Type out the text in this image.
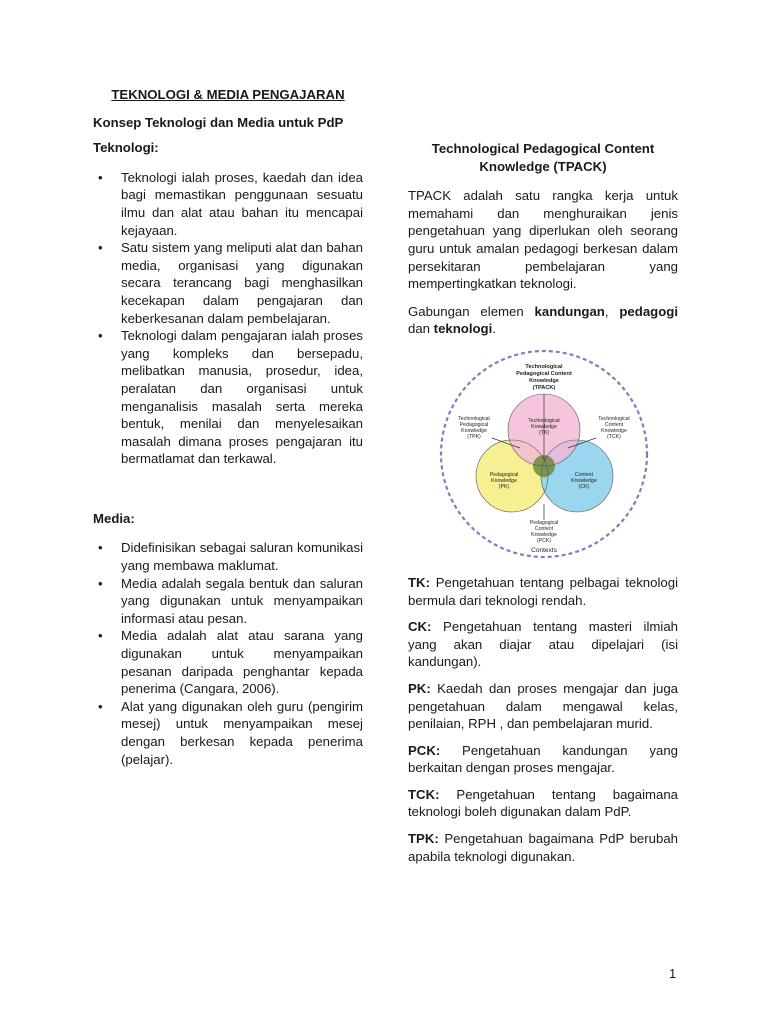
TEKNOLOGI & MEDIA PENGAJARAN
Konsep Teknologi dan Media untuk PdP
Teknologi:
• Teknologi ialah proses, kaedah dan idea bagi memastikan penggunaan sesuatu ilmu dan alat atau bahan itu mencapai kejayaan.
• Satu sistem yang meliputi alat dan bahan media, organisasi yang digunakan secara terancang bagi menghasilkan kecekapan dalam pengajaran dan keberkesanan dalam pembelajaran.
• Teknologi dalam pengajaran ialah proses yang kompleks dan bersepadu, melibatkan manusia, prosedur, idea, peralatan dan organisasi untuk menganalisis masalah serta mereka bentuk, menilai dan menyelesaikan masalah dimana proses pengajaran itu bermatlamat dan terkawal.
Media:
• Didefinisikan sebagai saluran komunikasi yang membawa maklumat.
• Media adalah segala bentuk dan saluran yang digunakan untuk menyampaikan informasi atau pesan.
• Media adalah alat atau sarana yang digunakan untuk menyampaikan pesanan daripada penghantar kepada penerima (Cangara, 2006).
• Alat yang digunakan oleh guru (pengirim mesej) untuk menyampaikan mesej dengan berkesan kepada penerima (pelajar).
Technological Pedagogical Content Knowledge (TPACK)

TPACK adalah satu rangka kerja untuk memahami dan menghuraikan jenis pengetahuan yang diperlukan oleh seorang guru untuk amalan pedagogi berkesan dalam persekitaran pembelajaran yang mempertingkatkan teknologi.

Gabungan elemen kandungan, pedagogi dan teknologi.

Technological
Pedagogical Content
Knowledge
(TPACK)
Technological
Pedagogical
Knowledge
(TPK)
Technological
Content
Knowledge
(TCK)
Technological
Knowledge
(TK)
Pedagogical
Knowledge
(PK)
Content
Knowledge
(CK)
Pedagogical
Content
Knowledge
(PCK)
Contexts
TK: Pengetahuan tentang pelbagai teknologi bermula dari teknologi rendah.
CK: Pengetahuan tentang masteri ilmiah yang akan diajar atau dipelajari (isi kandungan).
PK: Kaedah dan proses mengajar dan juga pengetahuan dalam mengawal kelas, penilaian, RPH , dan pembelajaran murid.
PCK: Pengetahuan kandungan yang berkaitan dengan proses mengajar.
TCK: Pengetahuan tentang bagaimana teknologi boleh digunakan dalam PdP.
TPK: Pengetahuan bagaimana PdP berubah apabila teknologi digunakan.
1
